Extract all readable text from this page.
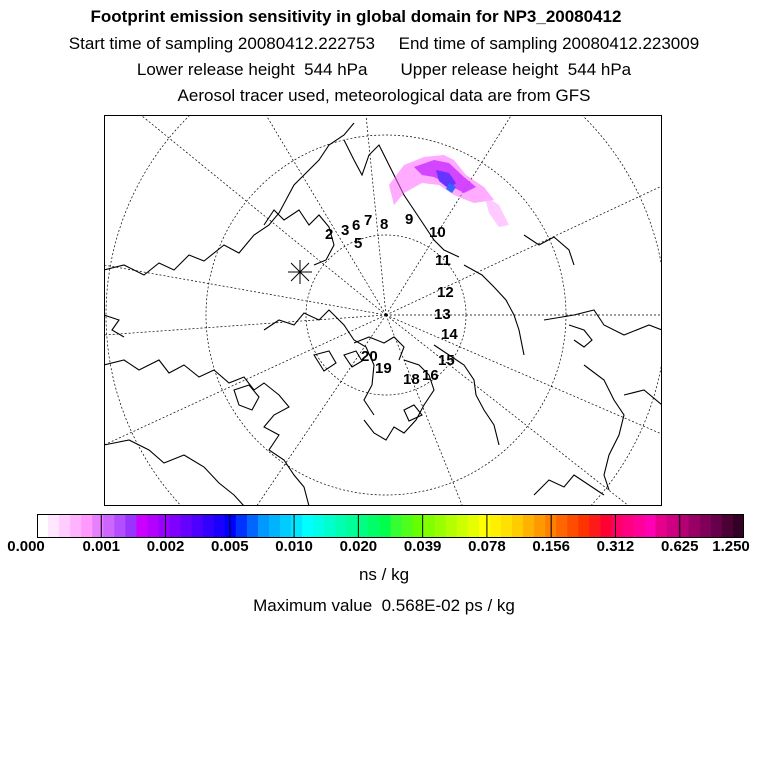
Footprint emission sensitivity in global domain for NP3_20080412
Start time of sampling 20080412.222753     End time of sampling 20080412.223009
Lower release height  544 hPa       Upper release height  544 hPa
Aerosol tracer used, meteorological data are from GFS
2 3 6 7
5
8 9
10
11
12
13
14
15
16
18
19
20
0.000	0.001 0.002 0.005 0.010 0.020 0.039 0.078 0.156 0.312 0.625 1.250
ns / kg
Maximum value  0.568E-02 ps / kg
